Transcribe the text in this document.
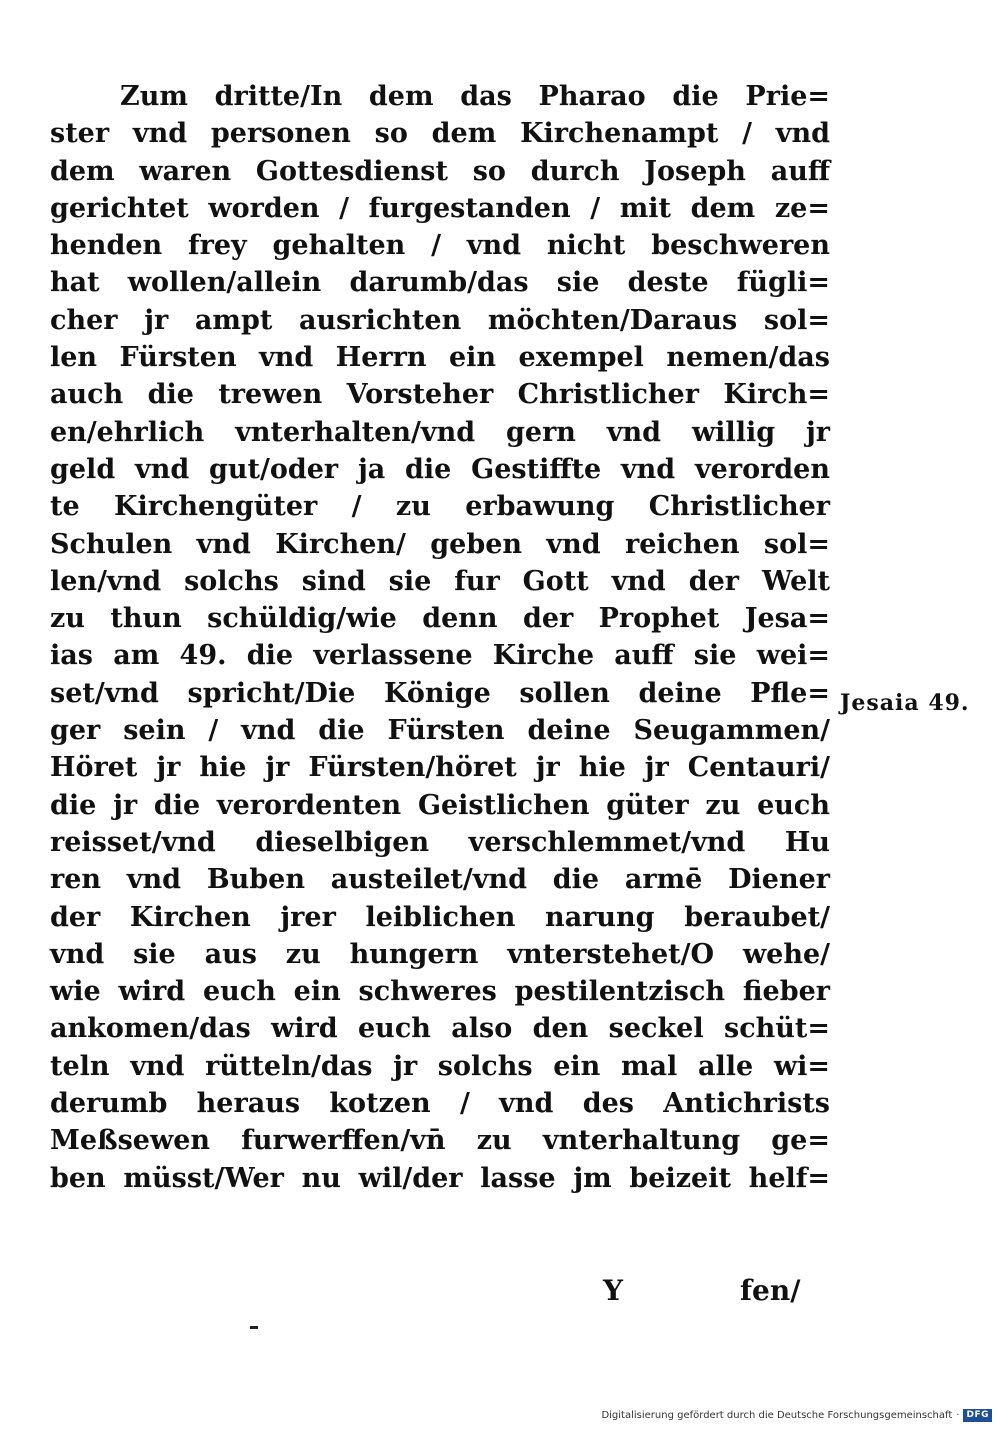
Zum dritte/In dem das Pharao die Prie=
ster vnd personen so dem Kirchenampt / vnd
dem waren Gottesdienst so durch Joseph auff
gerichtet worden / furgestanden / mit dem ze=
henden frey gehalten / vnd nicht beschweren
hat wollen/allein darumb/das sie deste fügli=
cher jr ampt ausrichten möchten/Daraus sol=
len Fürsten vnd Herrn ein exempel nemen/das
auch die trewen Vorsteher Christlicher Kirch=
en/ehrlich vnterhalten/vnd gern vnd willig jr
geld vnd gut/oder ja die Gestiffte vnd verorden
te Kirchengüter / zu erbawung Christlicher
Schulen vnd Kirchen/ geben vnd reichen sol=
len/vnd solchs sind sie fur Gott vnd der Welt
zu thun schüldig/wie denn der Prophet Jesa=
ias am 49. die verlassene Kirche auff sie wei=
set/vnd spricht/Die Könige sollen deine Pfle=
ger sein / vnd die Fürsten deine Seugammen/
Höret jr hie jr Fürsten/höret jr hie jr Centauri/
die jr die verordenten Geistlichen güter zu euch
reisset/vnd dieselbigen verschlemmet/vnd Hu
ren vnd Buben austeilet/vnd die armē Diener
der Kirchen jrer leiblichen narung beraubet/
vnd sie aus zu hungern vnterstehet/O wehe/
wie wird euch ein schweres pestilentzisch fieber
ankomen/das wird euch also den seckel schüt=
teln vnd rütteln/das jr solchs ein mal alle wi=
derumb heraus kotzen / vnd des Antichrists
Meßsewen furwerffen/vn̄ zu vnterhaltung ge=
ben müsst/Wer nu wil/der lasse jm beizeit helf=
Jesaia 49.
Y	fen/
Digitalisierung gefördert durch die Deutsche Forschungsgemeinschaft · DFG
